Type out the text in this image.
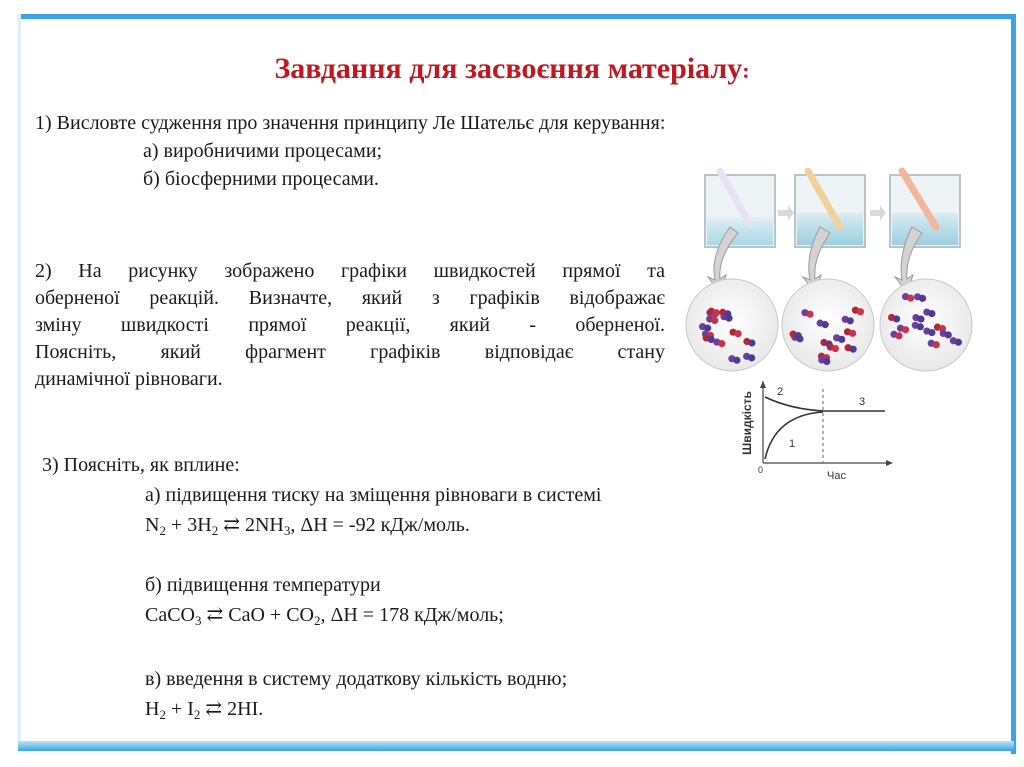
Завдання для засвоєння матеріалу:
1) Висловте судження про значення принципу Ле Шательє для керування:
а) виробничими процесами;
б) біосферними процесами.
2) На рисунку зображено графіки швидкостей прямої та
оберненої реакцій. Визначте, який з графіків відображає
зміну швидкості прямої реакції, який - оберненої.
Поясніть, який фрагмент графіків відповідає стану
динамічної рівноваги.
3) Поясніть, як вплине:
а) підвищення тиску на зміщення рівноваги в системі
$N_2 + 3H_2$ ⇄ $2NH_3$, ΔH = -92 кДж/моль.
б) підвищення температури
CaCO$_3$ ⇄ CaO + $CO_2$, ΔH = 178 кДж/моль;
в) введення в систему додаткову кількість водню;
$H_2 + I_2$ ⇄ 2HI.
Швидкість
Час
0
1
2
3
